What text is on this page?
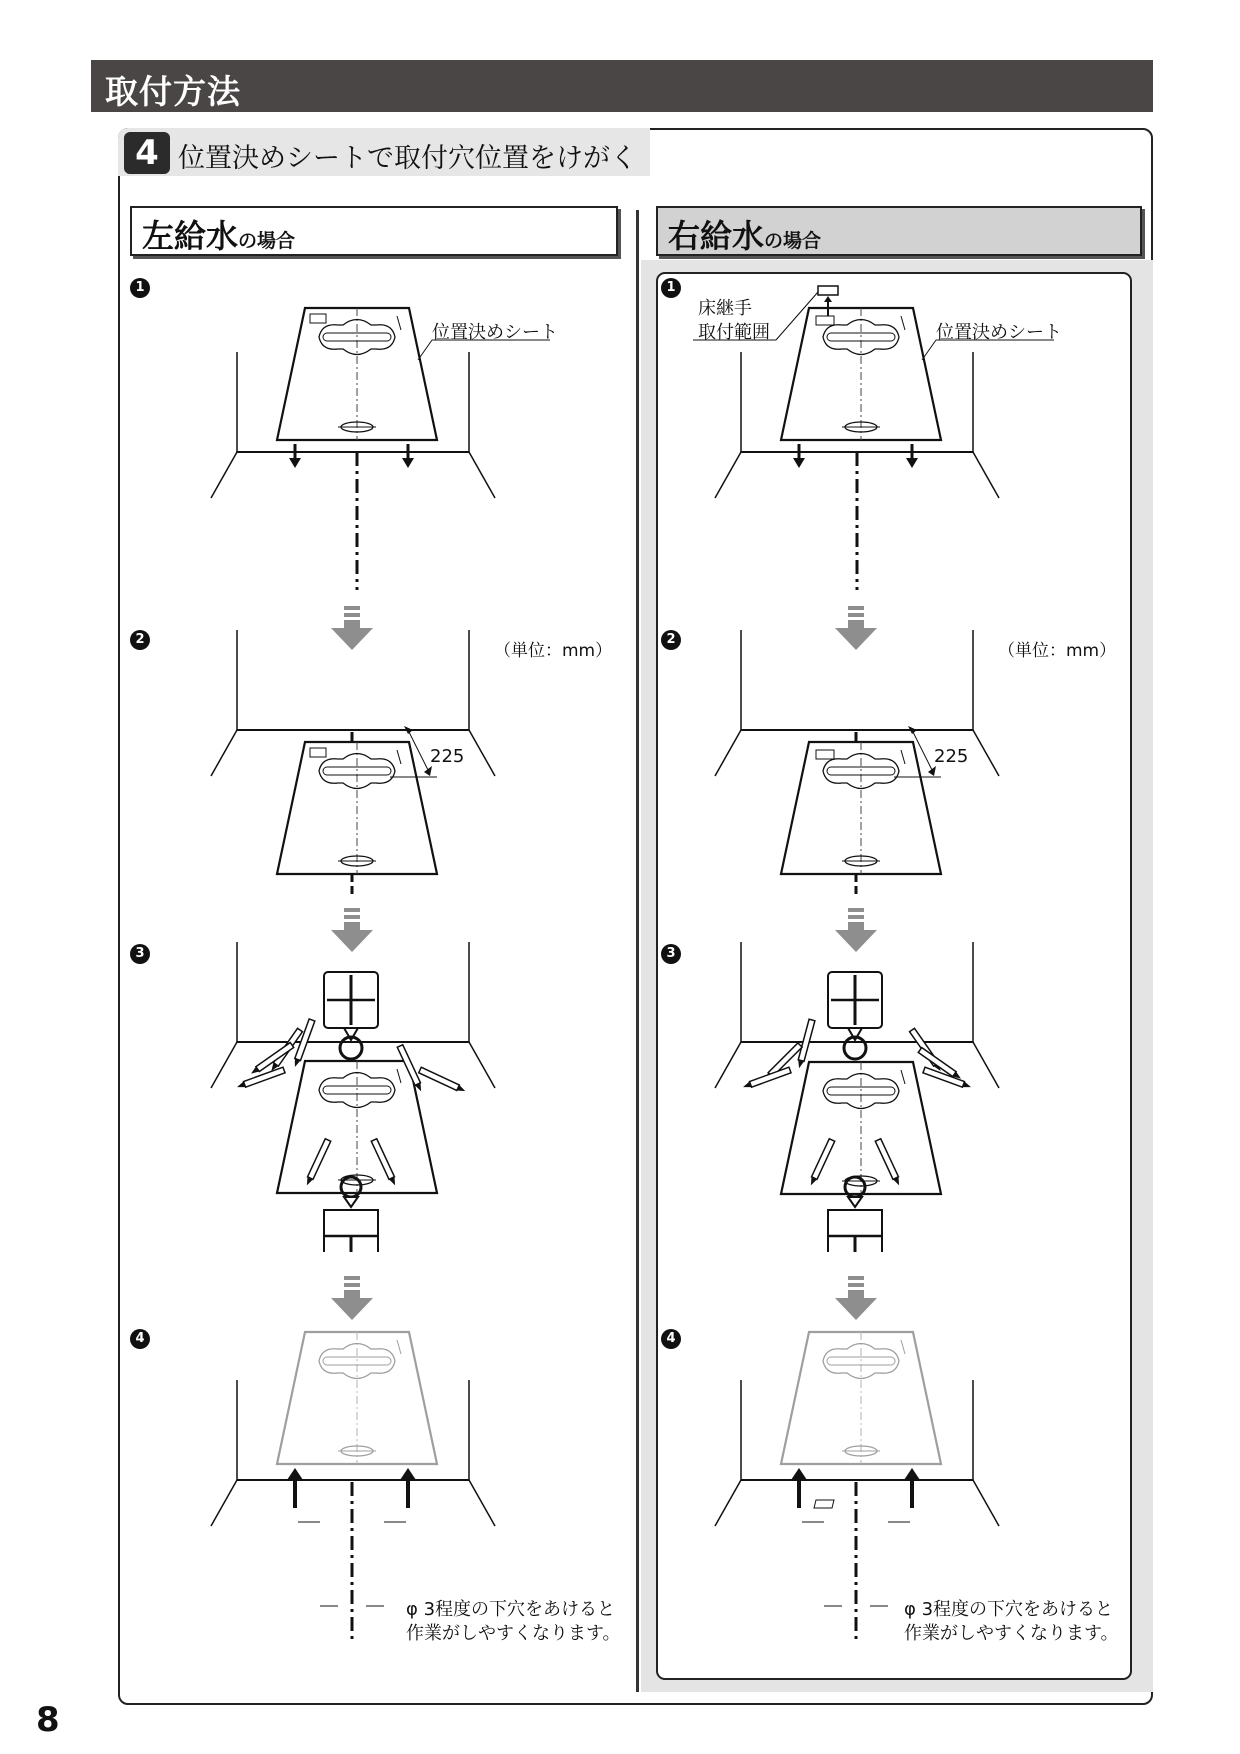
取付方法
4 位置決めシートで取付穴位置をけがく
左給水の場合	右給水の場合
1
2
3
4
1
2
3
4
位置決めシート
（単位：mm）
225
φ 3程度の下穴をあけると
作業がしやすくなります。
床継手
取付範囲	位置決めシート
（単位：mm）
225
φ 3程度の下穴をあけると
作業がしやすくなります。
8
